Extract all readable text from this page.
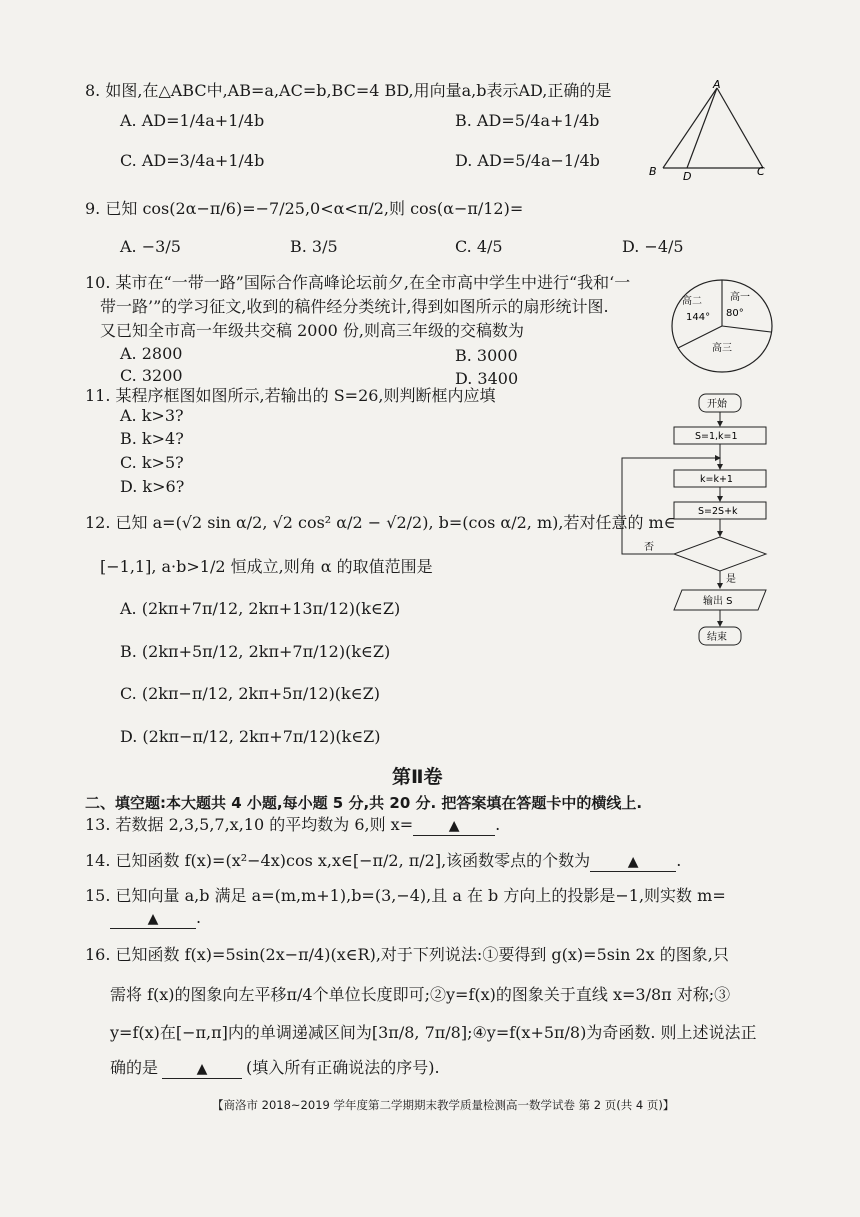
8. 如图,在△ABC中,AB=a,AC=b,BC=4 BD,用向量a,b表示AD,正确的是
A. AD=1/4a+1/4b	B. AD=5/4a+1/4b
C. AD=3/4a+1/4b	D. AD=5/4a−1/4b
A
B D	C
9. 已知 cos(2α−π/6)=−7/25,0<α<π/2,则 cos(α−π/12)=
A. −3/5	B. 3/5	C. 4/5	D. −4/5
10. 某市在“一带一路”国际合作高峰论坛前夕,在全市高中学生中进行“我和‘一
带一路’”的学习征文,收到的稿件经分类统计,得到如图所示的扇形统计图.
又已知全市高一年级共交稿 2000 份,则高三年级的交稿数为
A. 2800	B. 3000
C. 3200	D. 3400
高二
144°
高一
80°
高三
11. 某程序框图如图所示,若输出的 S=26,则判断框内应填
A. k>3?
B. k>4?
C. k>5?
D. k>6?
开始
S=1,k=1
k=k+1
S=2S+k
否
是
输出 S
结束
12. 已知 a=(√2 sin α/2, √2 cos² α/2 − √2/2), b=(cos α/2, m),若对任意的 m∈
[−1,1], a·b>1/2 恒成立,则角 α 的取值范围是
A. (2kπ+7π/12, 2kπ+13π/12)(k∈Z)
B. (2kπ+5π/12, 2kπ+7π/12)(k∈Z)
C. (2kπ−π/12, 2kπ+5π/12)(k∈Z)
D. (2kπ−π/12, 2kπ+7π/12)(k∈Z)
第Ⅱ卷
二、填空题:本大题共 4 小题,每小题 5 分,共 20 分. 把答案填在答题卡中的横线上.
13. 若数据 2,3,5,7,x,10 的平均数为 6,则 x=	▲ .
14. 已知函数 f(x)=(x²−4x)cos x,x∈[−π/2, π/2],该函数零点的个数为	▲ .
15. 已知向量 a,b 满足 a=(m,m+1),b=(3,−4),且 a 在 b 方向上的投影是−1,则实数 m=
▲ .
16. 已知函数 f(x)=5sin(2x−π/4)(x∈R),对于下列说法:①要得到 g(x)=5sin 2x 的图象,只
需将 f(x)的图象向左平移π/4个单位长度即可;②y=f(x)的图象关于直线 x=3/8π 对称;③
y=f(x)在[−π,π]内的单调递减区间为[3π/8, 7π/8];④y=f(x+5π/8)为奇函数. 则上述说法正
确的是	▲ (填入所有正确说法的序号).
【商洛市 2018~2019 学年度第二学期期末教学质量检测高一数学试卷 第 2 页(共 4 页)】
